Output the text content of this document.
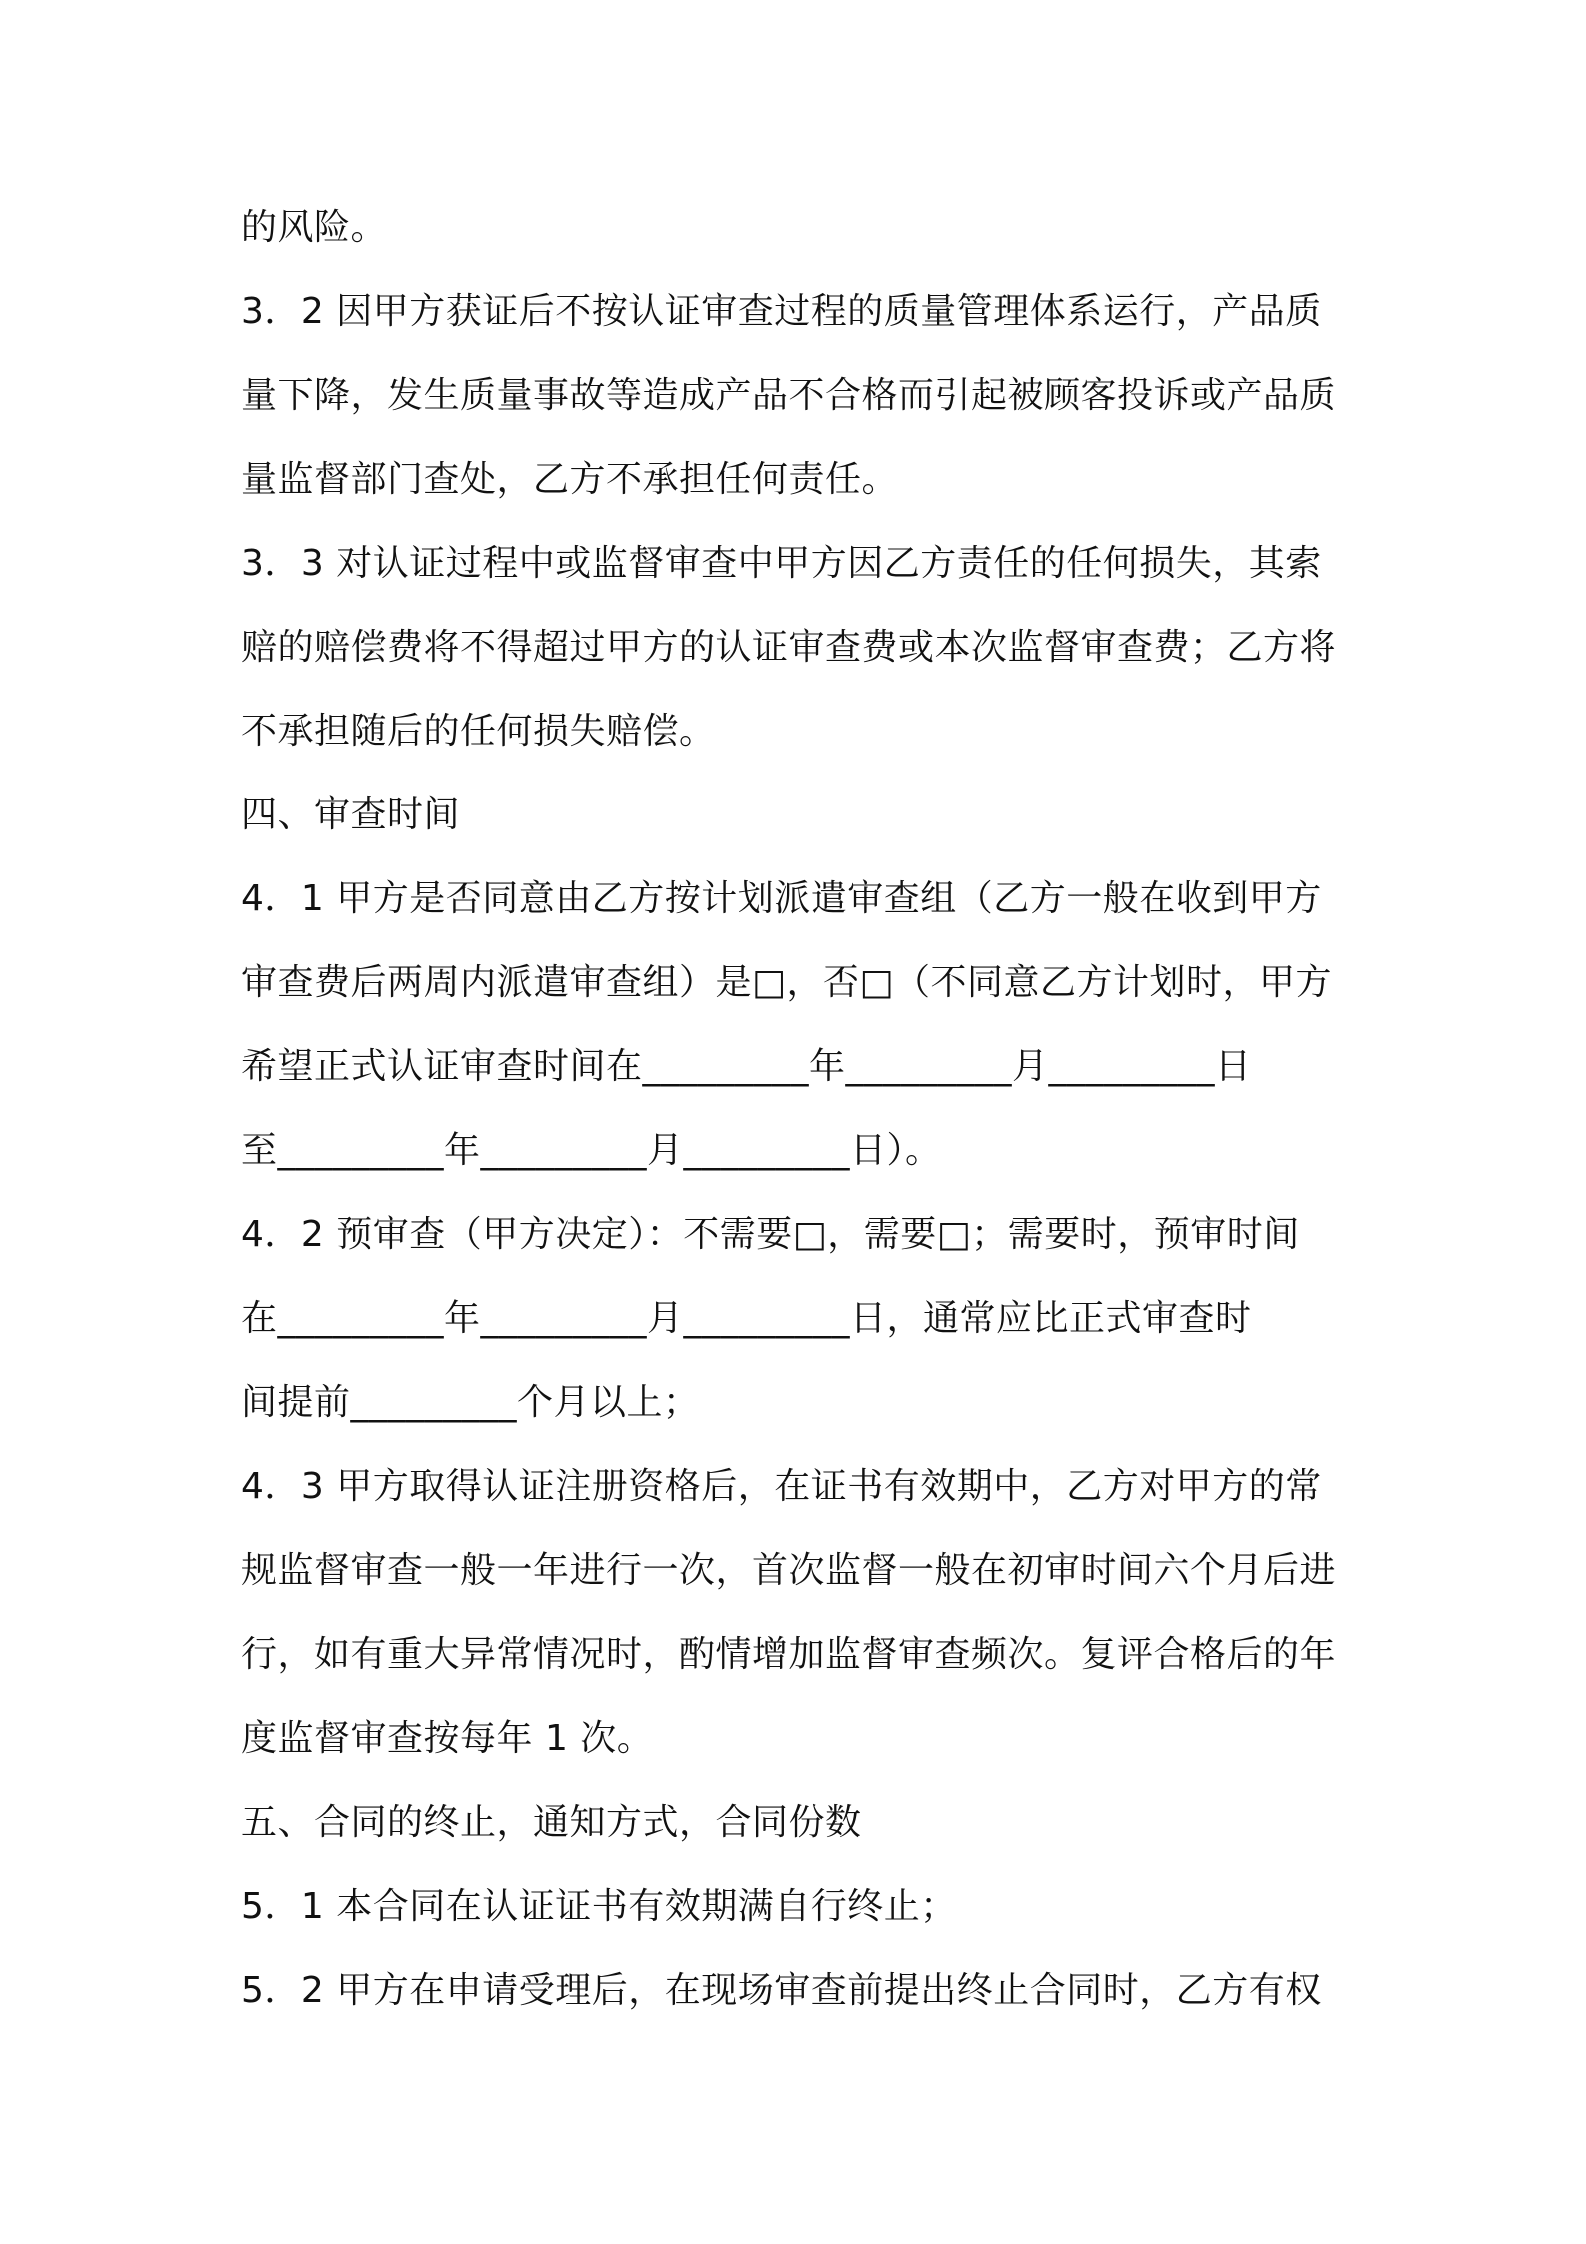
的风险。
3．2 因甲方获证后不按认证审查过程的质量管理体系运行，产品质
量下降，发生质量事故等造成产品不合格而引起被顾客投诉或产品质
量监督部门查处，乙方不承担任何责任。
3．3 对认证过程中或监督审查中甲方因乙方责任的任何损失，其索
赔的赔偿费将不得超过甲方的认证审查费或本次监督审查费；乙方将
不承担随后的任何损失赔偿。
四、审查时间
4．1 甲方是否同意由乙方按计划派遣审查组（乙方一般在收到甲方
审查费后两周内派遣审查组）是□，否□（不同意乙方计划时，甲方
希望正式认证审查时间在_________年_________月_________日
至_________年_________月_________日）。
4．2 预审查（甲方决定）：不需要□，需要□；需要时，预审时间
在_________年_________月_________日，通常应比正式审查时
间提前_________个月以上；
4．3 甲方取得认证注册资格后，在证书有效期中，乙方对甲方的常
规监督审查一般一年进行一次，首次监督一般在初审时间六个月后进
行，如有重大异常情况时，酌情增加监督审查频次。复评合格后的年
度监督审查按每年 1 次。
五、合同的终止，通知方式，合同份数
5．1 本合同在认证证书有效期满自行终止；
5．2 甲方在申请受理后，在现场审查前提出终止合同时，乙方有权
